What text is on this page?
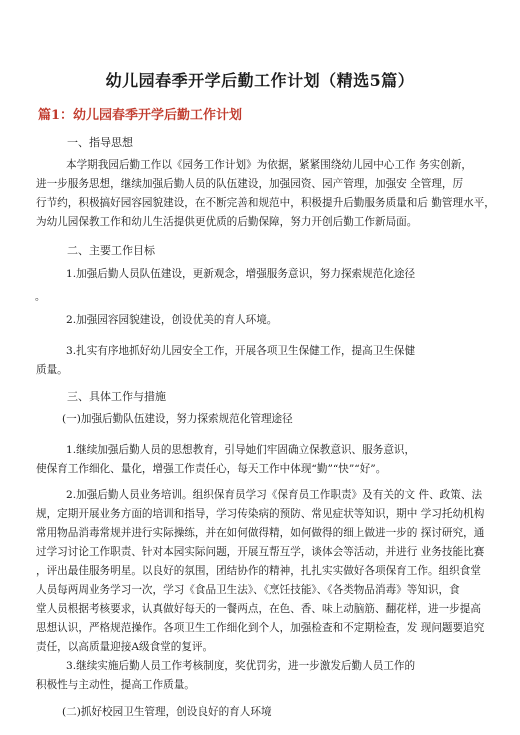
幼儿园春季开学后勤工作计划（精选5篇）
篇1：幼儿园春季开学后勤工作计划
一、指导思想
本学期我园后勤工作以《园务工作计划》为依据，紧紧围绕幼儿园中心工作 务实创新，
进一步服务思想，继续加强后勤人员的队伍建设，加强园资、园产管理，加强安 全管理，厉
行节约，积极搞好园容园貌建设，在不断完善和规范中，积极提升后勤服务质量和后 勤管理水平，
为幼儿园保教工作和幼儿生活提供更优质的后勤保障，努力开创后勤工作新局面。
二、主要工作目标
1.加强后勤人员队伍建设，更新观念，增强服务意识，努力探索规范化途径
。
2.加强园容园貌建设，创设优美的育人环境。
3.扎实有序地抓好幼儿园安全工作，开展各项卫生保健工作，提高卫生保健
质量。
三、具体工作与措施
(一)加强后勤队伍建设，努力探索规范化管理途径
1.继续加强后勤人员的思想教育，引导她们牢固确立保教意识、服务意识，
使保育工作细化、量化，增强工作责任心，每天工作中体现“勤”“快”“好”。
2.加强后勤人员业务培训。组织保育员学习《保育员工作职责》及有关的文 件、政策、法
规，定期开展业务方面的培训和指导，学习传染病的预防、常见症状等知识，期中 学习托幼机构
常用物品消毒常规并进行实际操练，并在如何做得精，如何做得的细上做进一步的 探讨研究，通
过学习讨论工作职责、针对本园实际问题，开展互帮互学，谈体会等活动，并进行 业务技能比赛
，评出最佳服务明星。以良好的氛围，团结协作的精神，扎扎实实做好各项保育工作。组织食堂
人员每两周业务学习一次，学习《食品卫生法》、《烹饪技能》、《各类物品消毒》等知识，食
堂人员根据考核要求，认真做好每天的一餐两点，在色、香、味上动脑筋、翻花样，进一步提高
思想认识，严格规范操作。各项卫生工作细化到个人，加强检查和不定期检查，发 现问题要追究
责任，以高质量迎接A级食堂的复评。
3.继续实施后勤人员工作考核制度，奖优罚劣，进一步激发后勤人员工作的
积极性与主动性，提高工作质量。
(二)抓好校园卫生管理，创设良好的育人环境
